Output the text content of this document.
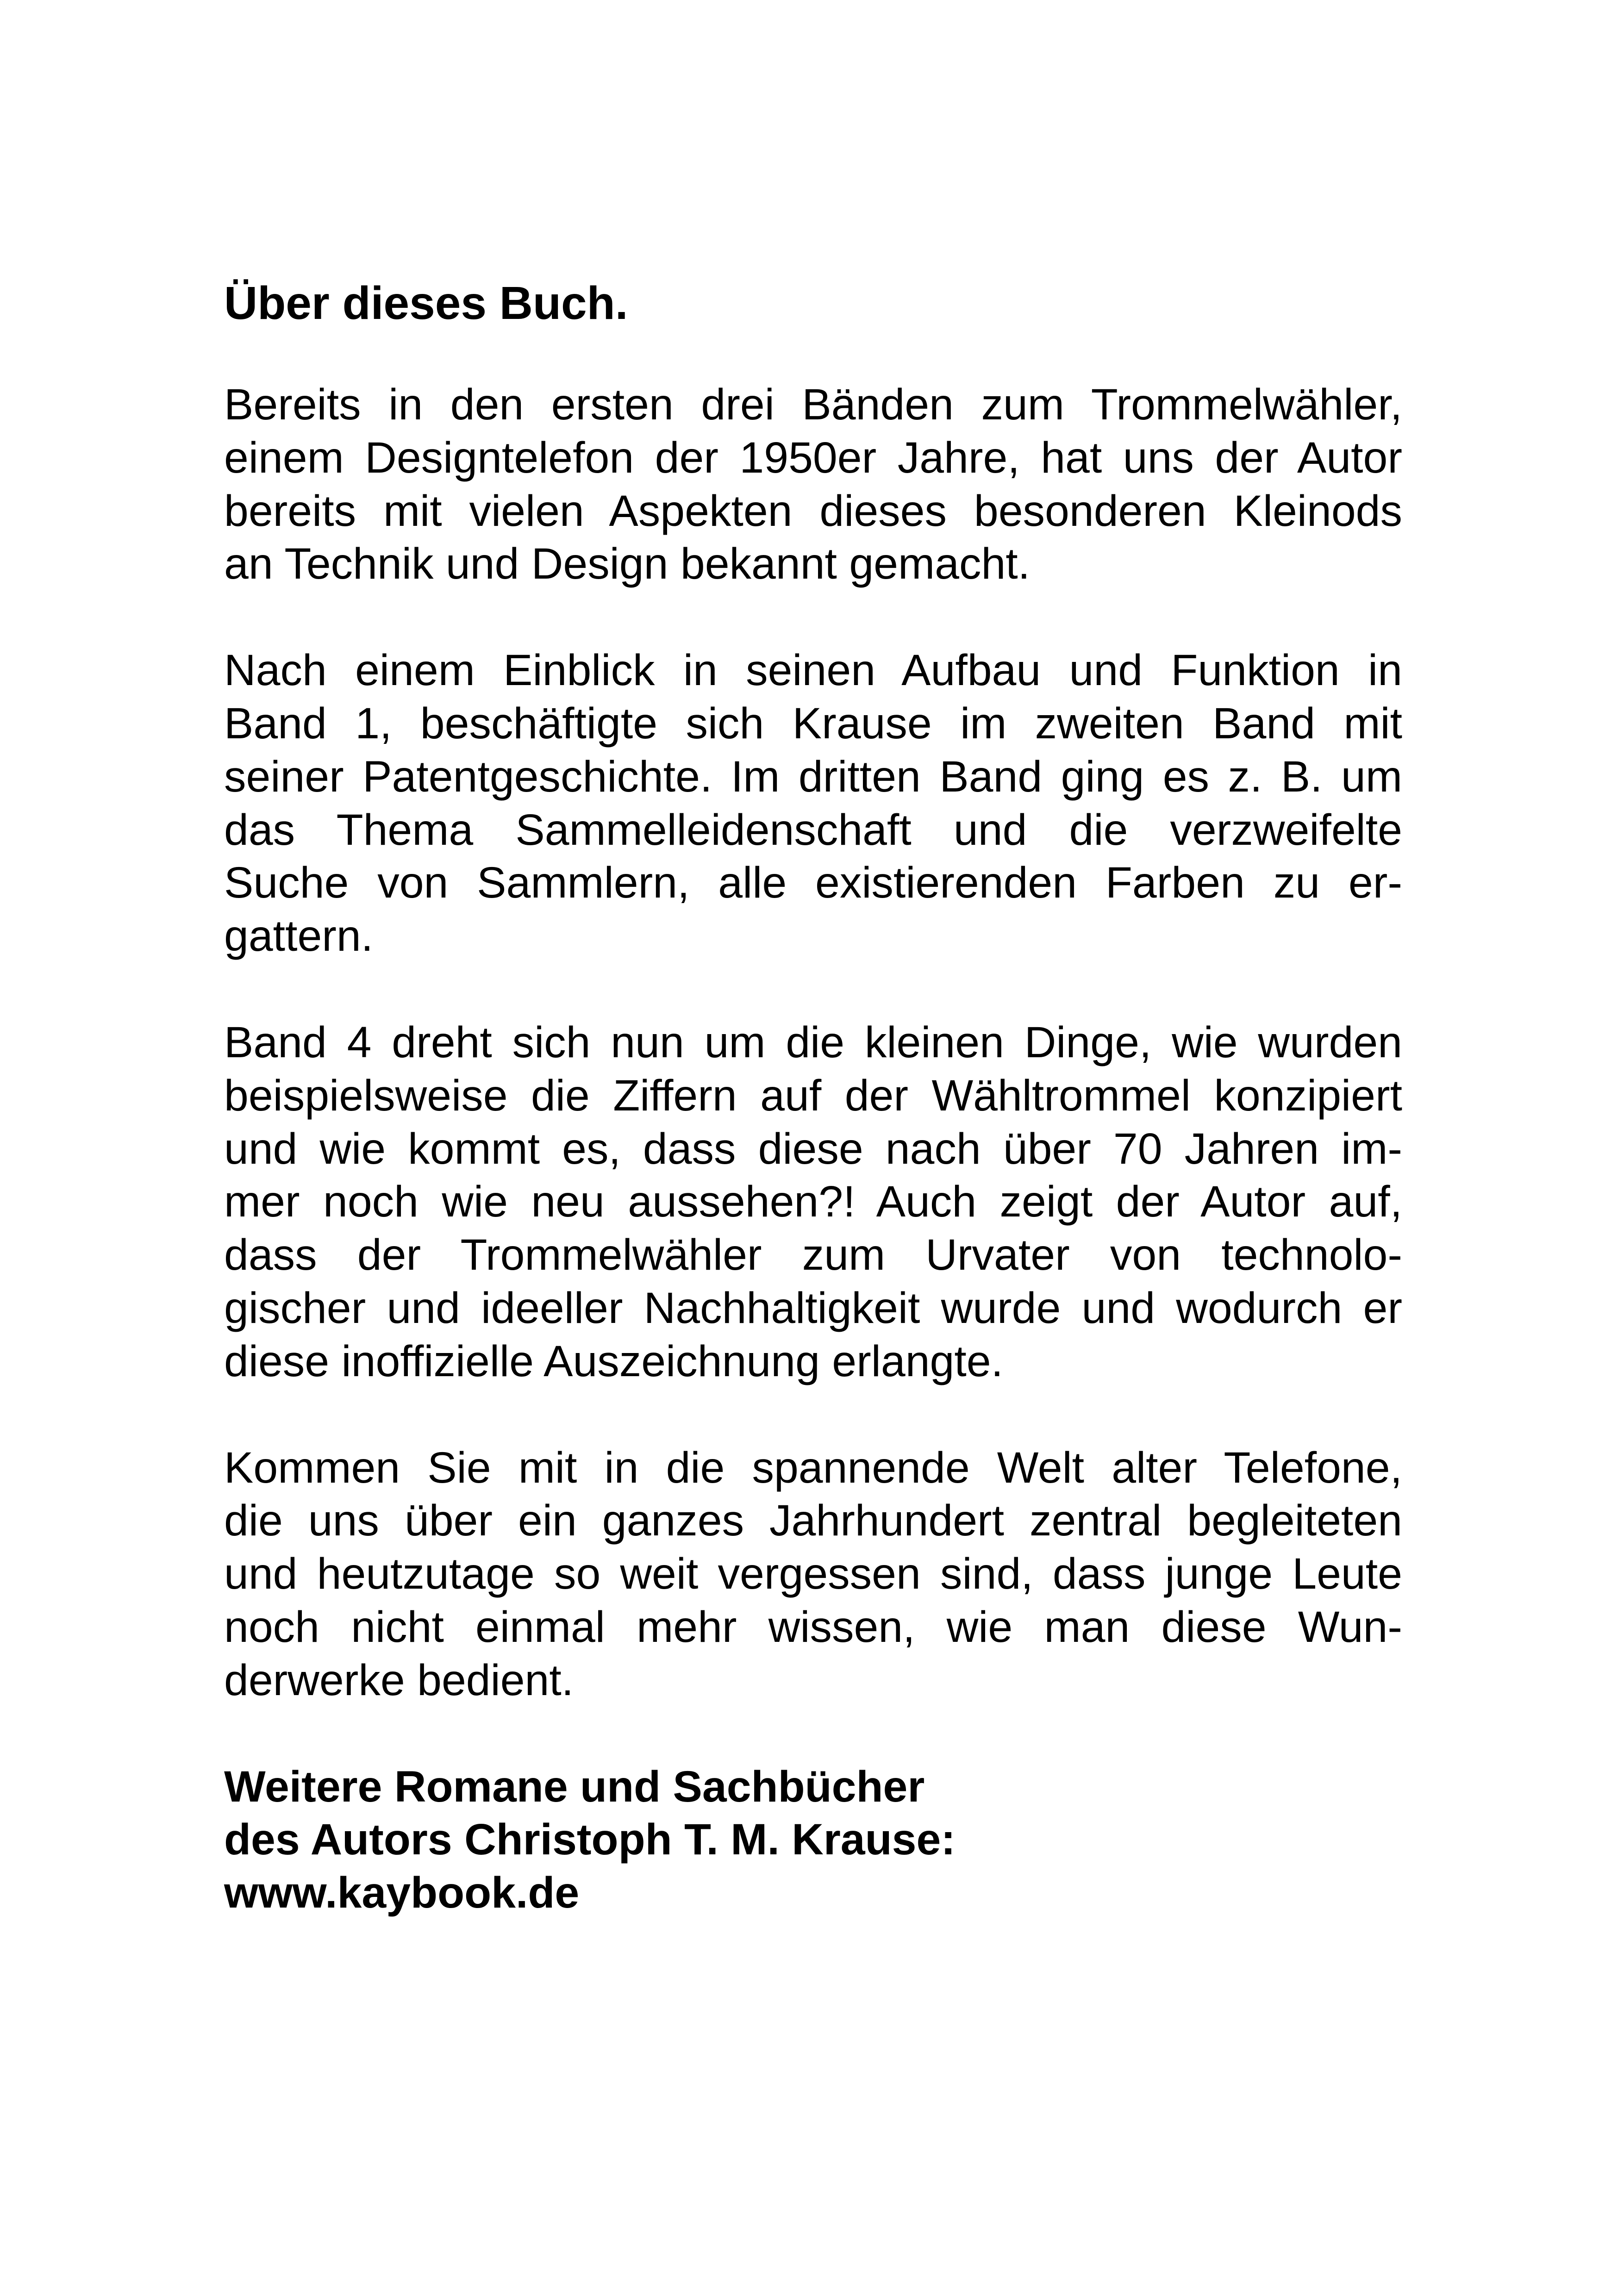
Über dieses Buch.

Bereits in den ersten drei Bänden zum Trommelwähler,
einem Designtelefon der 1950er Jahre, hat uns der Autor
bereits mit vielen Aspekten dieses besonderen Kleinods
an Technik und Design bekannt gemacht.

Nach einem Einblick in seinen Aufbau und Funktion in
Band 1, beschäftigte sich Krause im zweiten Band mit
seiner Patentgeschichte. Im dritten Band ging es z. B. um
das Thema Sammelleidenschaft und die verzweifelte
Suche von Sammlern, alle existierenden Farben zu er-
gattern.

Band 4 dreht sich nun um die kleinen Dinge, wie wurden
beispielsweise die Ziffern auf der Wähltrommel konzipiert
und wie kommt es, dass diese nach über 70 Jahren im-
mer noch wie neu aussehen?! Auch zeigt der Autor auf,
dass der Trommelwähler zum Urvater von technolo-
gischer und ideeller Nachhaltigkeit wurde und wodurch er
diese inoffizielle Auszeichnung erlangte.

Kommen Sie mit in die spannende Welt alter Telefone,
die uns über ein ganzes Jahrhundert zentral begleiteten
und heutzutage so weit vergessen sind, dass junge Leute
noch nicht einmal mehr wissen, wie man diese Wun-
derwerke bedient.

Weitere Romane und Sachbücher
des Autors Christoph T. M. Krause:
www.kaybook.de
